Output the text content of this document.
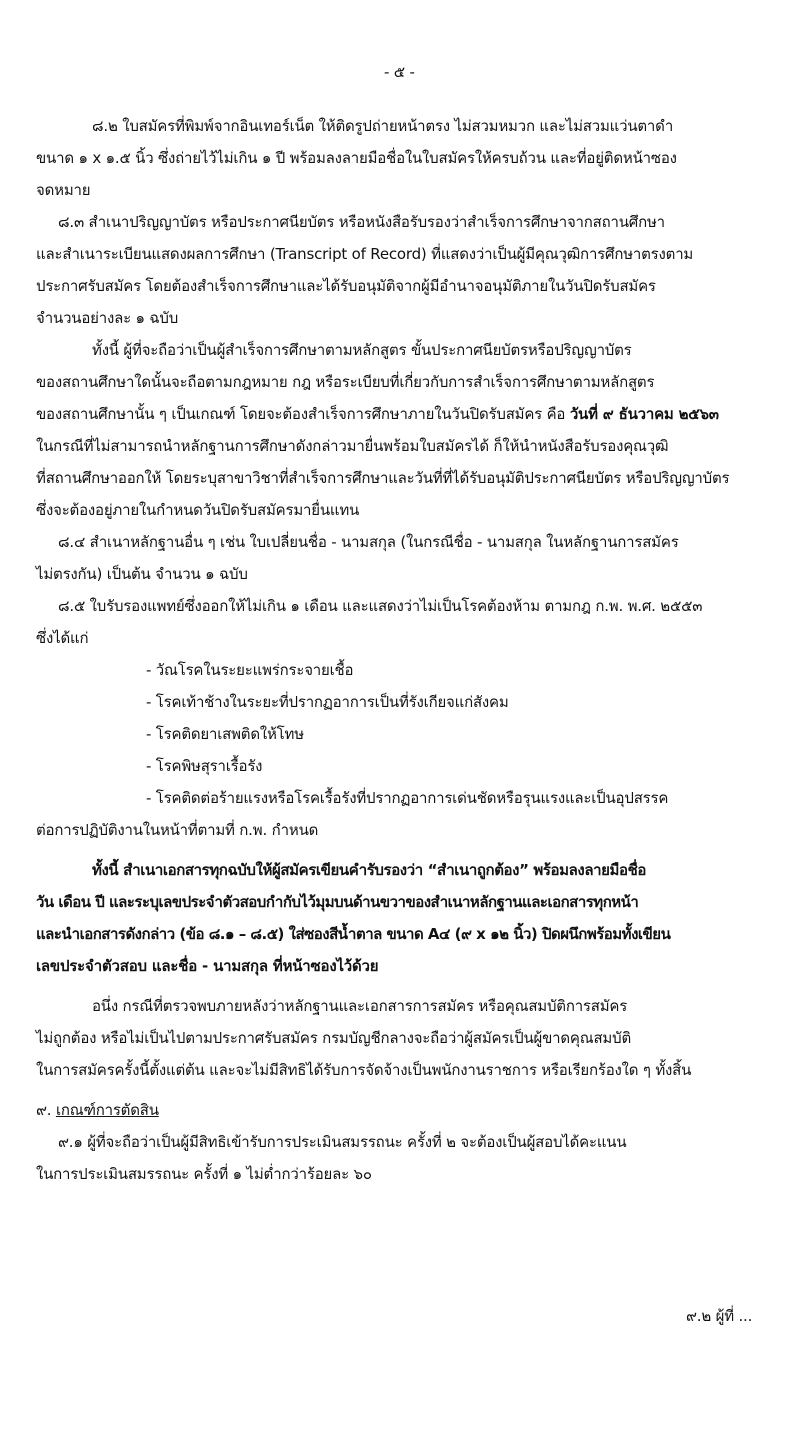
- ๕ -
๘.๒ ใบสมัครที่พิมพ์จากอินเทอร์เน็ต ให้ติดรูปถ่ายหน้าตรง ไม่สวมหมวก และไม่สวมแว่นตาดำ
ขนาด ๑ x ๑.๕ นิ้ว ซึ่งถ่ายไว้ไม่เกิน ๑ ปี พร้อมลงลายมือชื่อในใบสมัครให้ครบถ้วน และที่อยู่ติดหน้าซอง
จดหมาย
๘.๓ สำเนาปริญญาบัตร หรือประกาศนียบัตร หรือหนังสือรับรองว่าสำเร็จการศึกษาจากสถานศึกษา
และสำเนาระเบียนแสดงผลการศึกษา (Transcript of Record) ที่แสดงว่าเป็นผู้มีคุณวุฒิการศึกษาตรงตาม
ประกาศรับสมัคร โดยต้องสำเร็จการศึกษาและได้รับอนุมัติจากผู้มีอำนาจอนุมัติภายในวันปิดรับสมัคร
จำนวนอย่างละ ๑ ฉบับ
ทั้งนี้ ผู้ที่จะถือว่าเป็นผู้สำเร็จการศึกษาตามหลักสูตร ขั้นประกาศนียบัตรหรือปริญญาบัตร
ของสถานศึกษาใดนั้นจะถือตามกฎหมาย กฎ หรือระเบียบที่เกี่ยวกับการสำเร็จการศึกษาตามหลักสูตร
ของสถานศึกษานั้น ๆ เป็นเกณฑ์ โดยจะต้องสำเร็จการศึกษาภายในวันปิดรับสมัคร คือ วันที่ ๙ ธันวาคม ๒๕๖๓
ในกรณีที่ไม่สามารถนำหลักฐานการศึกษาดังกล่าวมายื่นพร้อมใบสมัครได้ ก็ให้นำหนังสือรับรองคุณวุฒิ
ที่สถานศึกษาออกให้ โดยระบุสาขาวิชาที่สำเร็จการศึกษาและวันที่ที่ได้รับอนุมัติประกาศนียบัตร หรือปริญญาบัตร
ซึ่งจะต้องอยู่ภายในกำหนดวันปิดรับสมัครมายื่นแทน
๘.๔ สำเนาหลักฐานอื่น ๆ เช่น ใบเปลี่ยนชื่อ - นามสกุล (ในกรณีชื่อ - นามสกุล ในหลักฐานการสมัคร
ไม่ตรงกัน) เป็นต้น จำนวน ๑ ฉบับ
๘.๕ ใบรับรองแพทย์ซึ่งออกให้ไม่เกิน ๑ เดือน และแสดงว่าไม่เป็นโรคต้องห้าม ตามกฎ ก.พ. พ.ศ. ๒๕๕๓
ซึ่งได้แก่
- วัณโรคในระยะแพร่กระจายเชื้อ
- โรคเท้าช้างในระยะที่ปรากฏอาการเป็นที่รังเกียจแก่สังคม
- โรคติดยาเสพติดให้โทษ
- โรคพิษสุราเรื้อรัง
- โรคติดต่อร้ายแรงหรือโรคเรื้อรังที่ปรากฏอาการเด่นชัดหรือรุนแรงและเป็นอุปสรรค
ต่อการปฏิบัติงานในหน้าที่ตามที่ ก.พ. กำหนด
ทั้งนี้ สำเนาเอกสารทุกฉบับให้ผู้สมัครเขียนคำรับรองว่า “สำเนาถูกต้อง” พร้อมลงลายมือชื่อ
วัน เดือน ปี และระบุเลขประจำตัวสอบกำกับไว้มุมบนด้านขวาของสำเนาหลักฐานและเอกสารทุกหน้า
และนำเอกสารดังกล่าว (ข้อ ๘.๑ – ๘.๕) ใส่ซองสีน้ำตาล ขนาด A๔ (๙ x ๑๒ นิ้ว) ปิดผนึกพร้อมทั้งเขียน
เลขประจำตัวสอบ และชื่อ - นามสกุล ที่หน้าซองไว้ด้วย
อนึ่ง กรณีที่ตรวจพบภายหลังว่าหลักฐานและเอกสารการสมัคร หรือคุณสมบัติการสมัคร
ไม่ถูกต้อง หรือไม่เป็นไปตามประกาศรับสมัคร กรมบัญชีกลางจะถือว่าผู้สมัครเป็นผู้ขาดคุณสมบัติ
ในการสมัครครั้งนี้ตั้งแต่ต้น และจะไม่มีสิทธิได้รับการจัดจ้างเป็นพนักงานราชการ หรือเรียกร้องใด ๆ ทั้งสิ้น
๙. เกณฑ์การตัดสิน
๙.๑ ผู้ที่จะถือว่าเป็นผู้มีสิทธิเข้ารับการประเมินสมรรถนะ ครั้งที่ ๒ จะต้องเป็นผู้สอบได้คะแนน
ในการประเมินสมรรถนะ ครั้งที่ ๑ ไม่ต่ำกว่าร้อยละ ๖๐
๙.๒ ผู้ที่ ...
